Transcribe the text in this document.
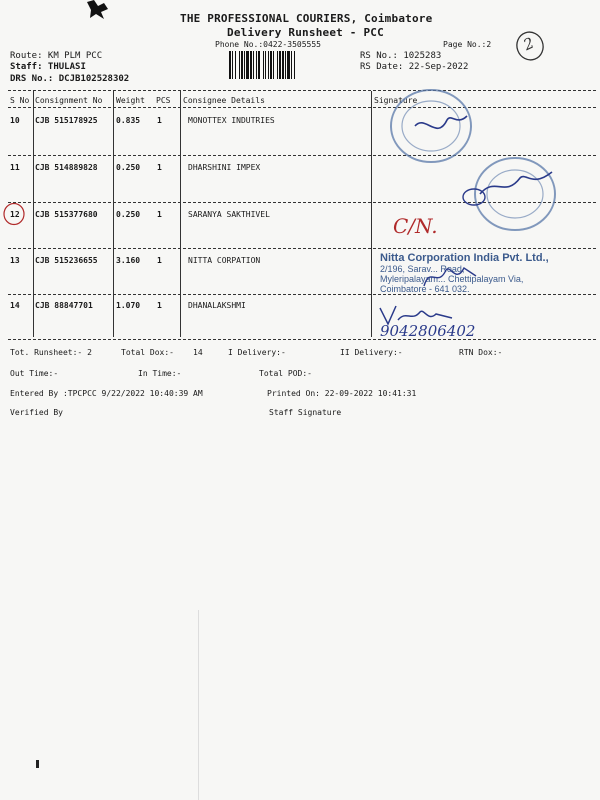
THE PROFESSIONAL COURIERS, Coimbatore
Delivery Runsheet - PCC
Phone No.:0422-3505555	Page No.:2 2
Route: KM PLM PCC
Staff: THULASI
DRS No.: DCJB102528302
RS No.: 1025283
RS Date: 22-Sep-2022
S No Consignment No Weight PCS Consignee Details	Signature
10 CJB 515178925 0.835 1	MONOTTEX INDUTRIES
11 CJB 514889828 0.250 1	DHARSHINI IMPEX
12 CJB 515377680 0.250 1	SARANYA SAKTHIVEL
13 CJB 515236655 3.160 1	NITTA CORPATION
14 CJB 88847701	1.070 1	DHANALAKSHMI
C/N.
Nitta Corporation India Pvt. Ltd.,
2/196, Sarav... Road,
Myleripalayam... Chettipalayam Via,
Coimbatore - 641 032.
9042806402
Tot. Runsheet:- 2	Total Dox:- 14	I Delivery:-	II Delivery:-	RTN Dox:-
Out Time:-	In Time:-	Total POD:-
Entered By :TPCPCC 9/22/2022 10:40:39 AM	Printed On: 22-09-2022 10:41:31
Verified By	Staff Signature
